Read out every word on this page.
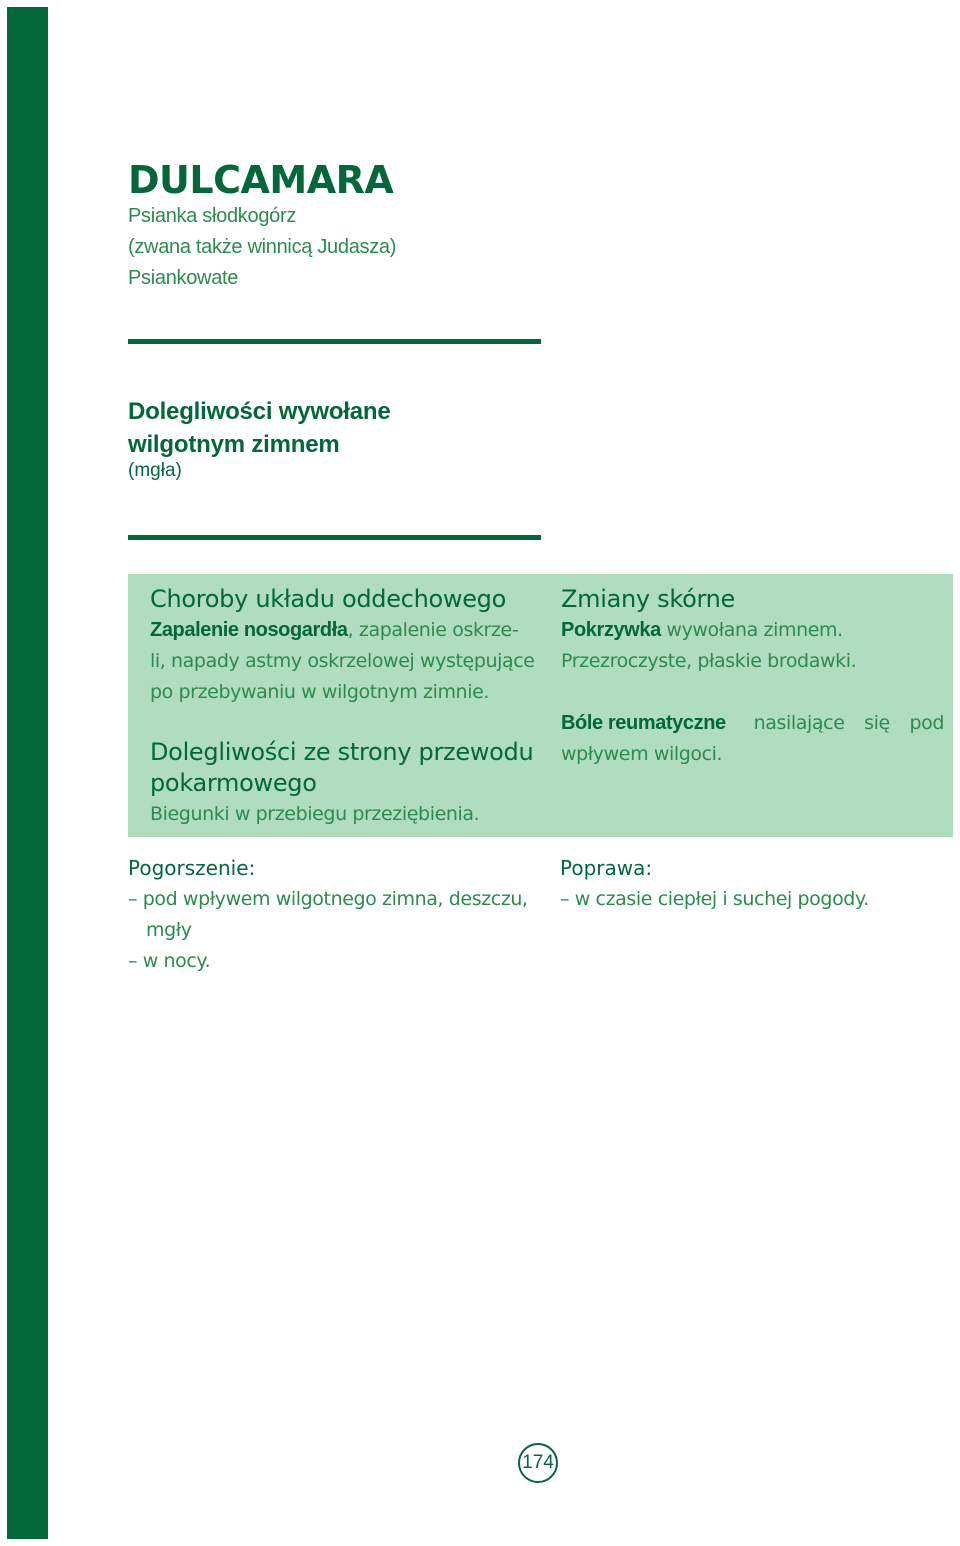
DULCAMARA
Psianka słodkogórz
(zwana także winnicą Judasza)
Psiankowate
Dolegliwości wywołane
wilgotnym zimnem
(mgła)
Choroby układu oddechowego
Zapalenie nosogardła, zapalenie oskrze-
li, napady astmy oskrzelowej występujące
po przebywaniu w wilgotnym zimnie.
Dolegliwości ze strony przewodu
pokarmowego
Biegunki w przebiegu przeziębienia.
Zmiany skórne
Pokrzywka wywołana zimnem.
Przezroczyste, płaskie brodawki.
Bóle reumatyczne nasilające się pod
wpływem wilgoci.
Pogorszenie:
– pod wpływem wilgotnego zimna, deszczu, mgły
– w nocy.
Poprawa:
– w czasie ciepłej i suchej pogody.
174
